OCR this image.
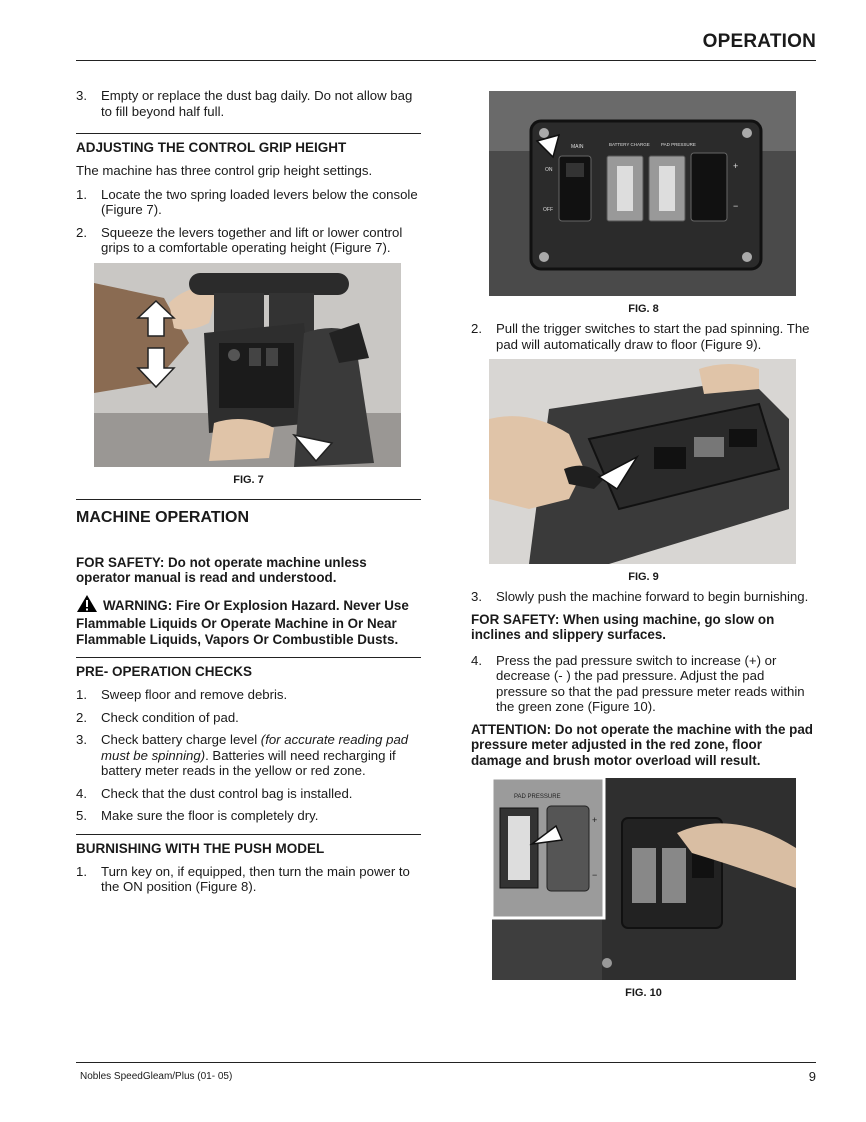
OPERATION
3.	Empty or replace the dust bag daily. Do not allow bag to fill beyond half full.
ADJUSTING THE CONTROL GRIP HEIGHT
The machine has three control grip height settings.
1.	Locate the two spring loaded levers below the console (Figure 7).
2.	Squeeze the levers together and lift or lower control grips to a comfortable operating height (Figure 7).
FIG. 7
MACHINE OPERATION
FOR SAFETY: Do not operate machine unless operator manual is read and understood.
WARNING: Fire Or Explosion Hazard. Never Use Flammable Liquids Or Operate Machine in Or Near Flammable Liquids, Vapors Or Combustible Dusts.
PRE- OPERATION CHECKS
1.	Sweep floor and remove debris.
2.	Check condition of pad.
3.	Check battery charge level (for accurate reading pad must be spinning). Batteries will need recharging if battery meter reads in the yellow or red zone.
4.	Check that the dust control bag is installed.
5.	Make sure the floor is completely dry.
BURNISHING WITH THE PUSH MODEL
1.	Turn key on, if equipped, then turn the main power to the ON position (Figure 8).
MAIN	BATTERY CHARGE PAD PRESSURE
ON
OFF
+
−
FIG. 8
2.	Pull the trigger switches to start the pad spinning. The pad will automatically draw to floor (Figure 9).
FIG. 9
3.	Slowly push the machine forward to begin burnishing.
FOR SAFETY: When using machine, go slow on inclines and slippery surfaces.
4.	Press the pad pressure switch to increase (+) or decrease (- ) the pad pressure. Adjust the pad pressure so that the pad pressure meter reads within the green zone (Figure 10).
ATTENTION: Do not operate the machine with the pad pressure meter adjusted in the red zone, floor damage and brush motor overload will result.
PAD PRESSURE
+
−
FIG. 10
Nobles SpeedGleam/Plus (01- 05)	9
